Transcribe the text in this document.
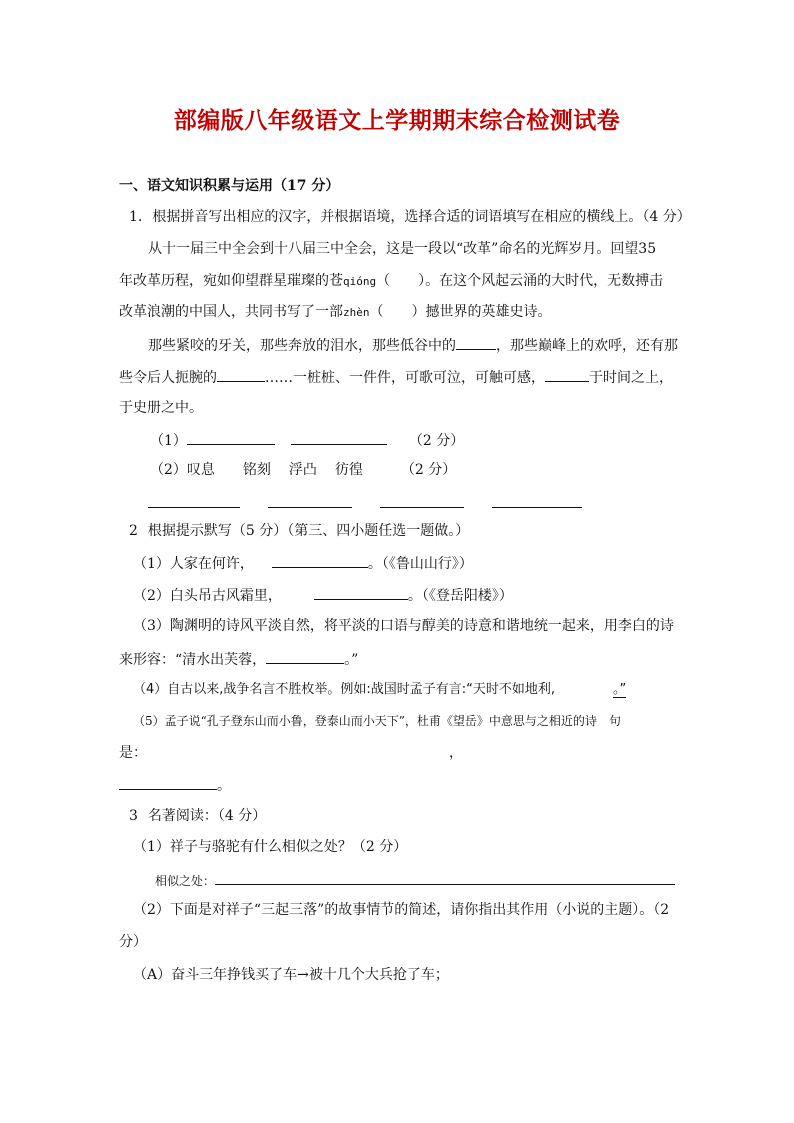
部编版八年级语文上学期期末综合检测试卷
一、语文知识积累与运用（17 分）
1. 根据拼音写出相应的汉字，并根据语境，选择合适的词语填写在相应的横线上。（4 分）
从十一届三中全会到十八届三中全会，这是一段以“改革”命名的光辉岁月。回望35
年改革历程，宛如仰望群星璀璨的苍qióng（　　）。在这个风起云涌的大时代，无数搏击
改革浪潮的中国人，共同书写了一部zhèn（　　）撼世界的英雄史诗。
那些紧咬的牙关，那些奔放的泪水，那些低谷中的	，那些巅峰上的欢呼，还有那
些令后人扼腕的	……一桩桩、一件件，可歌可泣，可触可感，	于时间之上，
于史册之中。
（1）	（2 分）
（2）叹息 铭刻 浮凸 彷徨	（2 分）
2 根据提示默写（5 分）（第三、四小题任选一题做。）
（1）人家在何许，	。（《鲁山山行》）
（2）白头吊古风霜里，	。（《登岳阳楼》）
（3）陶渊明的诗风平淡自然，将平淡的口语与醇美的诗意和谐地统一起来，用李白的诗
来形容：“清水出芙蓉，	。”
（4）自古以来,战争名言不胜枚举。例如:战国时孟子有言:“天时不如地利,	。”
（5）孟子说“孔子登东山而小鲁，登泰山而小天下”，杜甫《望岳》中意思与之相近的诗　句
是：	，
。
3 名著阅读：（4 分）
（1）祥子与骆驼有什么相似之处？（2 分）
相似之处：
（2）下面是对祥子“三起三落”的故事情节的简述，请你指出其作用（小说的主题）。（2
分）
（A）奋斗三年挣钱买了车→被十几个大兵抢了车；
